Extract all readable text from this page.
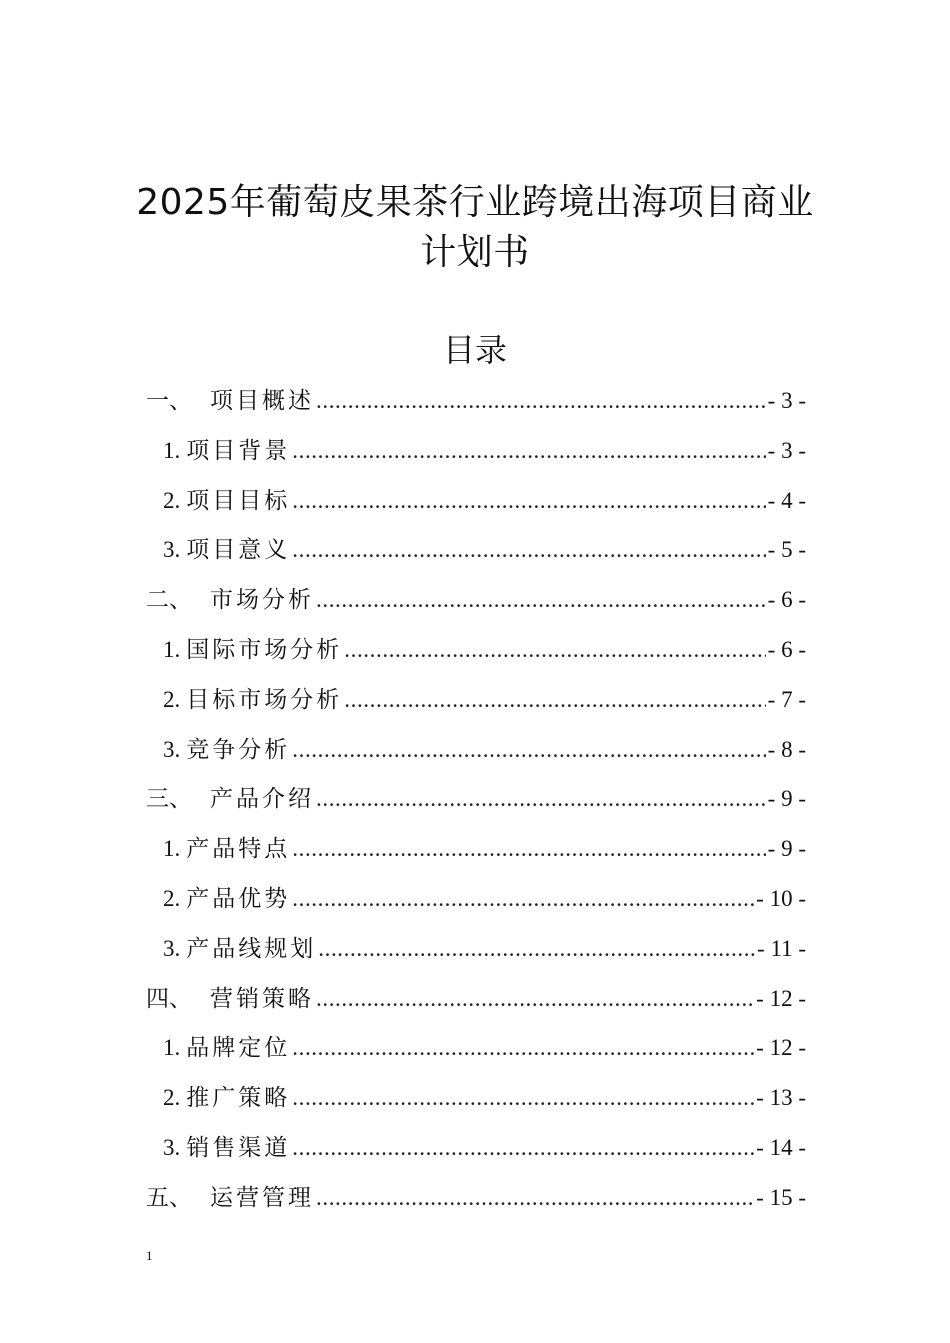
2025年葡萄皮果茶行业跨境出海项目商业
计划书
目录
一、 项目概述 .....	- 3 -
1. 项目背景 .....	- 3 -
2. 项目目标 .....	- 4 -
3. 项目意义 .....	- 5 -
二、 市场分析 .....	- 6 -
1. 国际市场分析 .....	- 6 -
2. 目标市场分析 .....	- 7 -
3. 竞争分析 .....	- 8 -
三、 产品介绍 .....	- 9 -
1. 产品特点 .....	- 9 -
2. 产品优势 .....	- 10 -
3. 产品线规划 .....	- 11 -
四、 营销策略 .....	- 12 -
1. 品牌定位 .....	- 12 -
2. 推广策略 .....	- 13 -
3. 销售渠道 .....	- 14 -
五、 运营管理 .....	- 15 -
1
